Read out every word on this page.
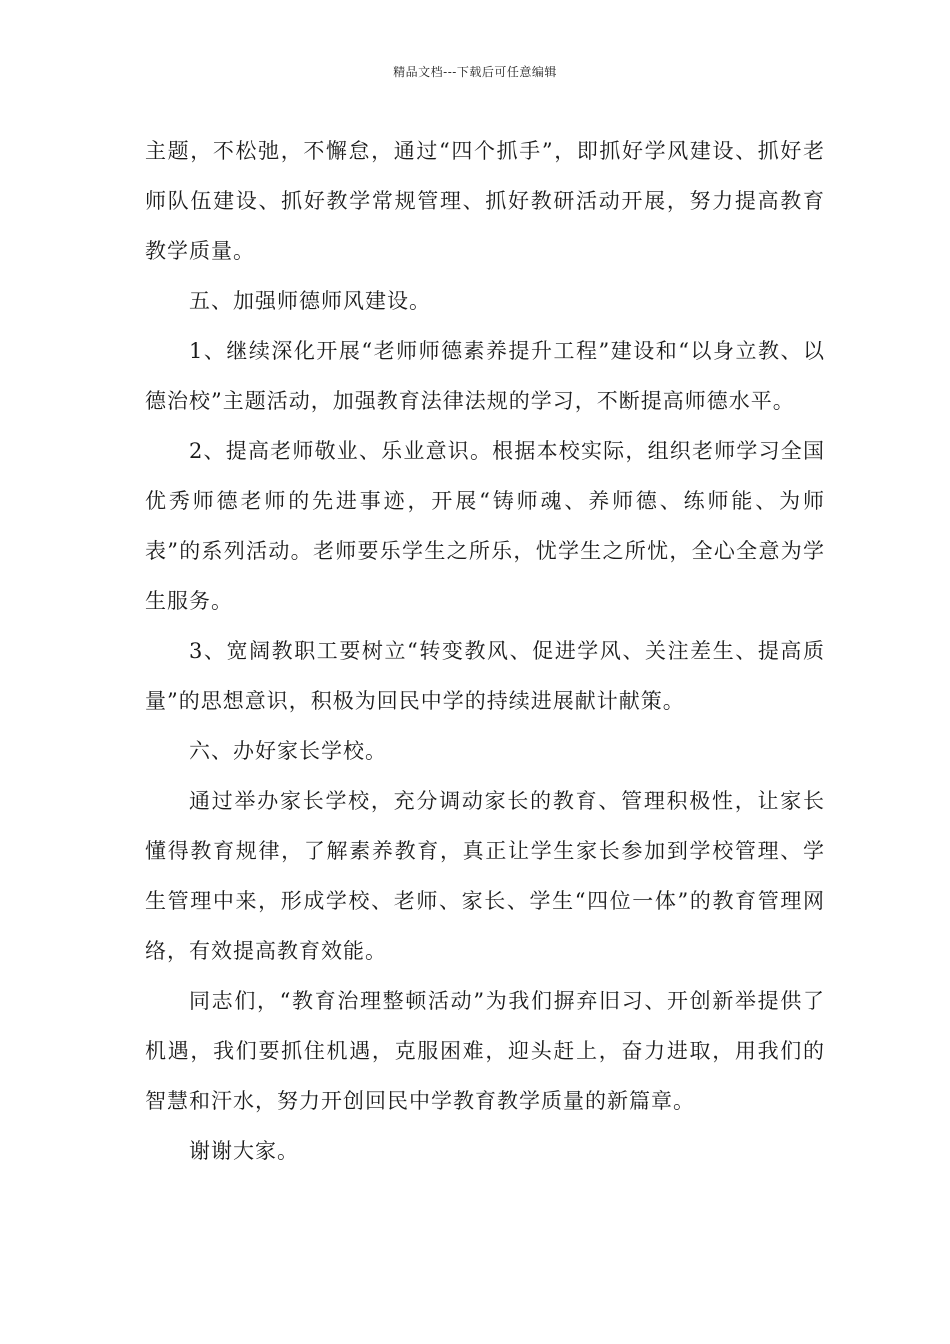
精品文档---下载后可任意编辑

主题，不松弛，不懈怠，通过“四个抓手”，即抓好学风建设、抓好老师队伍建设、抓好教学常规管理、抓好教研活动开展，努力提高教育教学质量。

五、加强师德师风建设。

1、继续深化开展“老师师德素养提升工程”建设和“以身立教、以德治校”主题活动，加强教育法律法规的学习，不断提高师德水平。

2、提高老师敬业、乐业意识。根据本校实际，组织老师学习全国优秀师德老师的先进事迹，开展“铸师魂、养师德、练师能、为师表”的系列活动。老师要乐学生之所乐，忧学生之所忧，全心全意为学生服务。

3、宽阔教职工要树立“转变教风、促进学风、关注差生、提高质量”的思想意识，积极为回民中学的持续进展献计献策。

六、办好家长学校。

通过举办家长学校，充分调动家长的教育、管理积极性，让家长懂得教育规律，了解素养教育，真正让学生家长参加到学校管理、学生管理中来，形成学校、老师、家长、学生“四位一体”的教育管理网络，有效提高教育效能。

同志们，“教育治理整顿活动”为我们摒弃旧习、开创新举提供了机遇，我们要抓住机遇，克服困难，迎头赶上，奋力进取，用我们的智慧和汗水，努力开创回民中学教育教学质量的新篇章。

谢谢大家。
